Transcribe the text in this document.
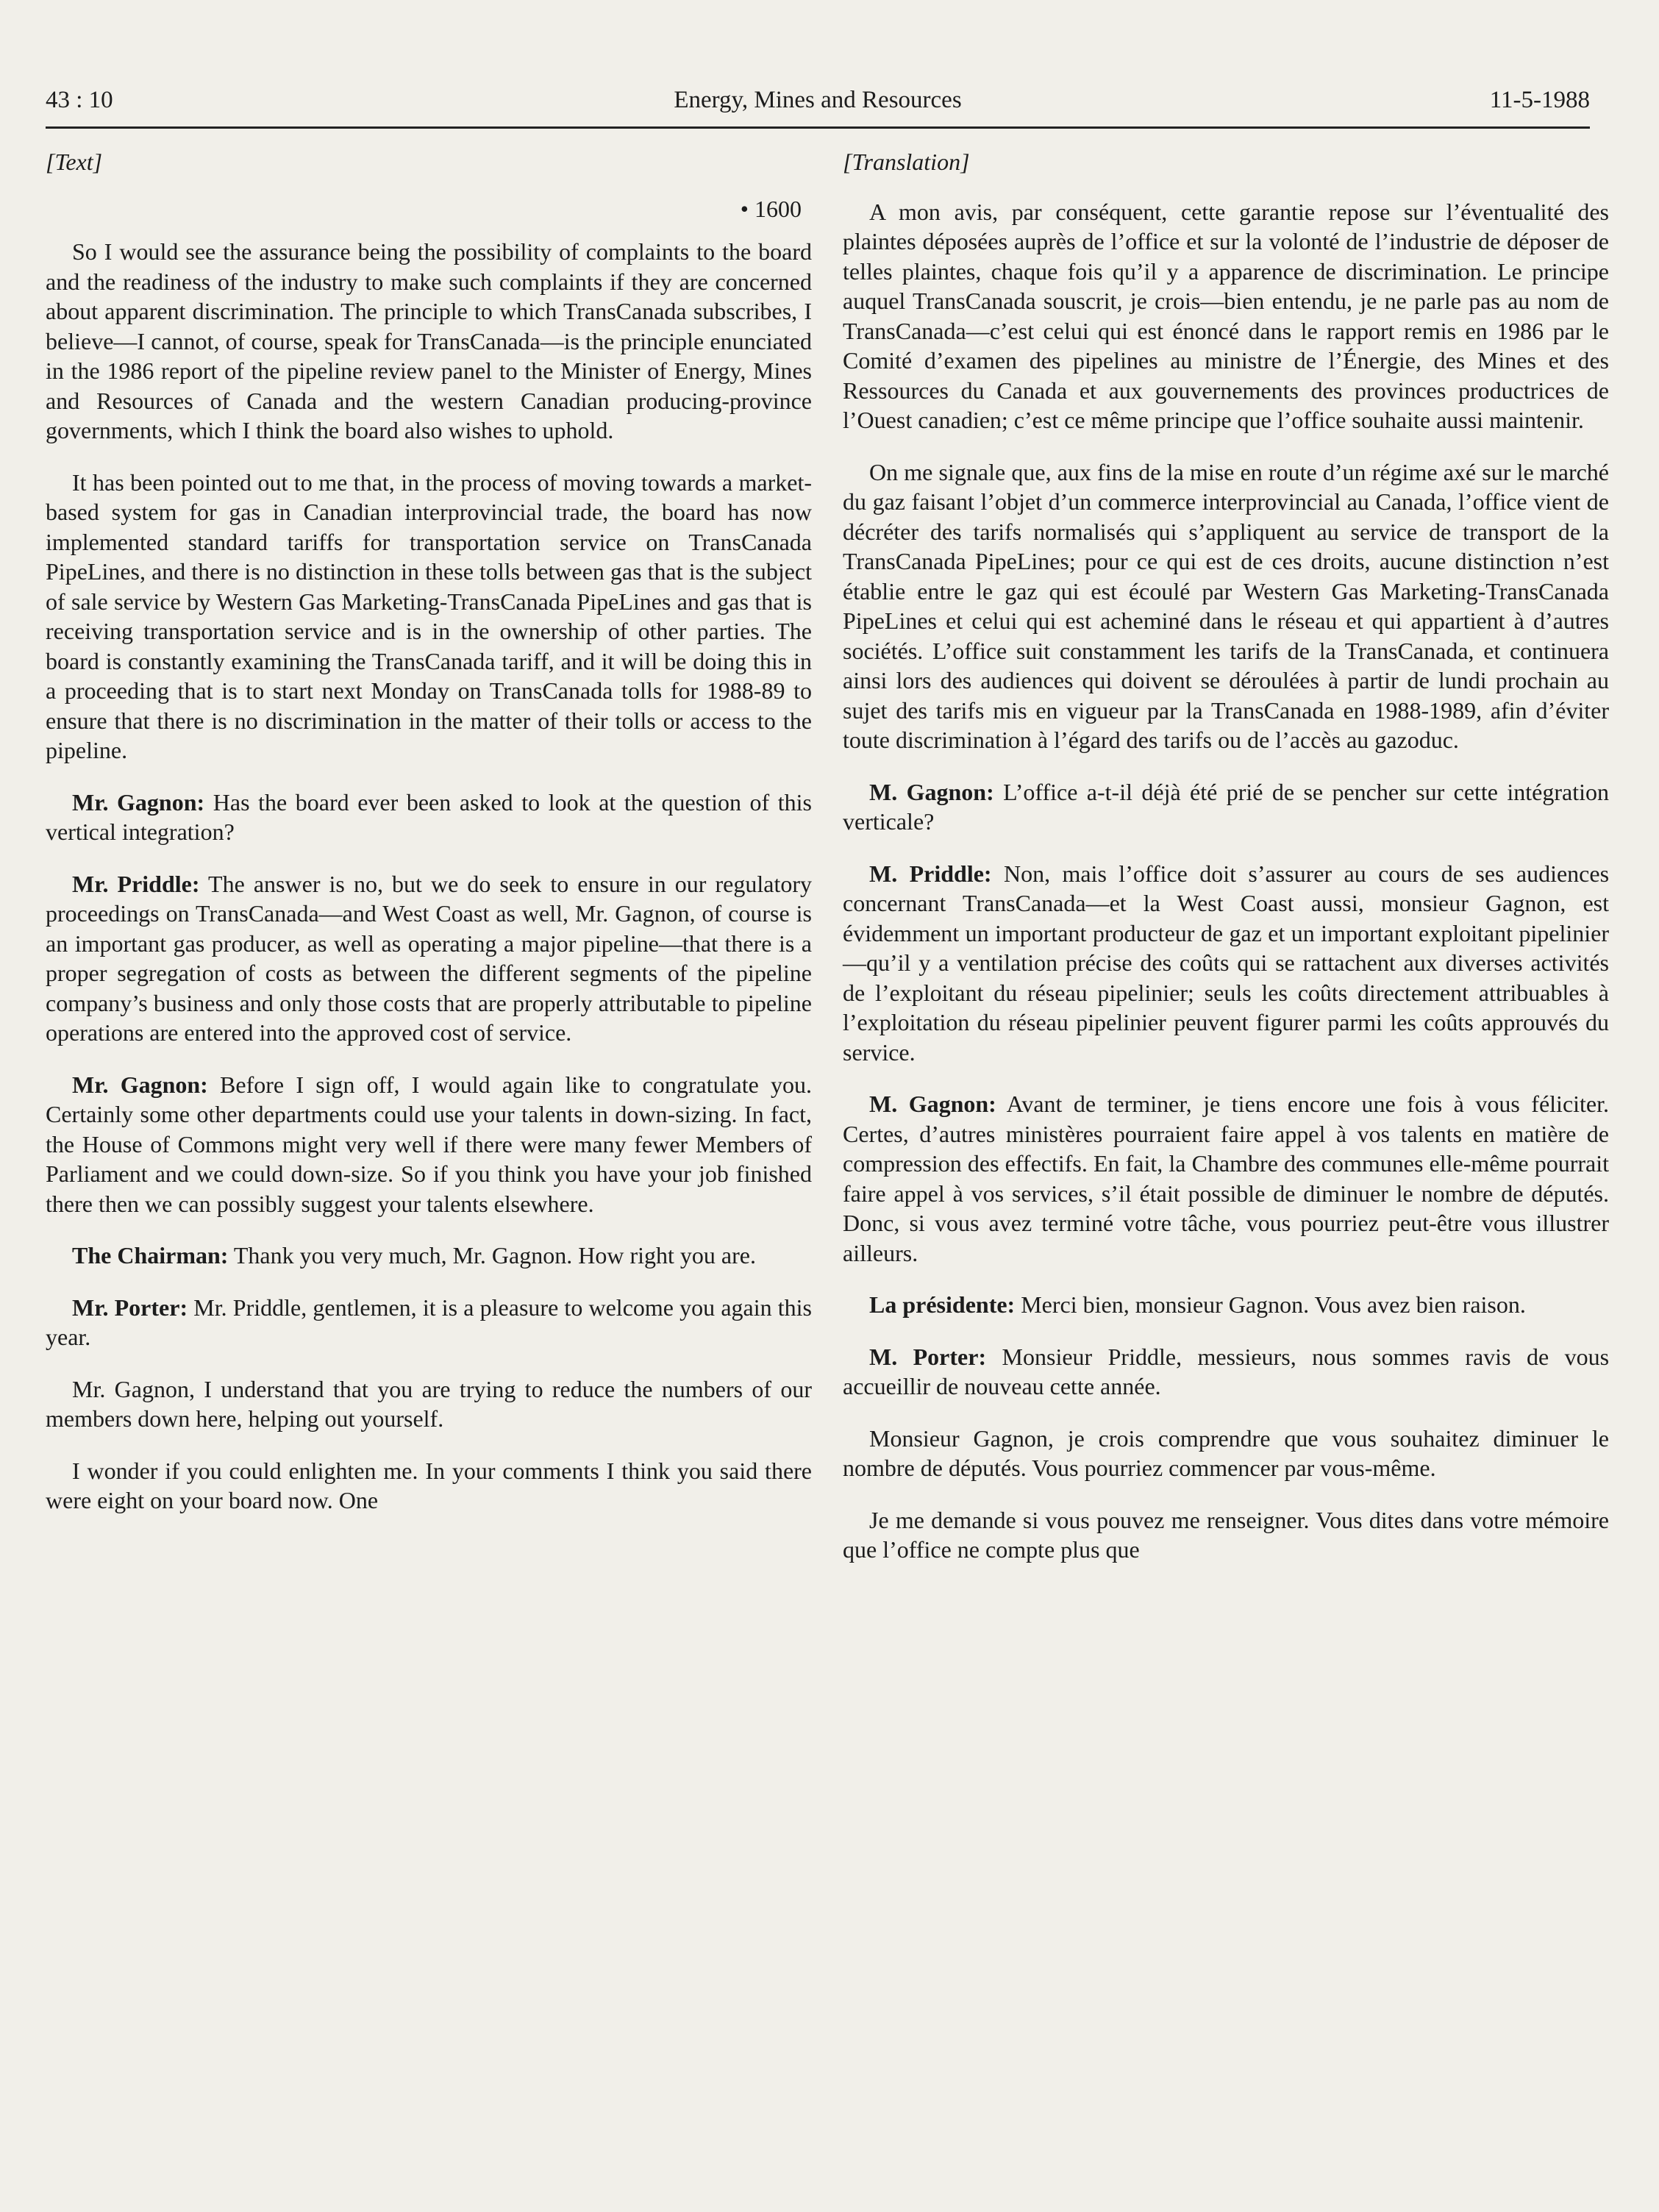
43 : 10	Energy, Mines and Resources	11-5-1988
[Text]
• 1600

So I would see the assurance being the possibility of complaints to the board and the readiness of the industry to make such complaints if they are concerned about apparent discrimination. The principle to which TransCanada subscribes, I believe—I cannot, of course, speak for TransCanada—is the principle enunciated in the 1986 report of the pipeline review panel to the Minister of Energy, Mines and Resources of Canada and the western Canadian producing-province governments, which I think the board also wishes to uphold.

It has been pointed out to me that, in the process of moving towards a market-based system for gas in Canadian interprovincial trade, the board has now implemented standard tariffs for transportation service on TransCanada PipeLines, and there is no distinction in these tolls between gas that is the subject of sale service by Western Gas Marketing-TransCanada PipeLines and gas that is receiving transportation service and is in the ownership of other parties. The board is constantly examining the TransCanada tariff, and it will be doing this in a proceeding that is to start next Monday on TransCanada tolls for 1988-89 to ensure that there is no discrimination in the matter of their tolls or access to the pipeline.

Mr. Gagnon: Has the board ever been asked to look at the question of this vertical integration?

Mr. Priddle: The answer is no, but we do seek to ensure in our regulatory proceedings on TransCanada—and West Coast as well, Mr. Gagnon, of course is an important gas producer, as well as operating a major pipeline—that there is a proper segregation of costs as between the different segments of the pipeline company’s business and only those costs that are properly attributable to pipeline operations are entered into the approved cost of service.

Mr. Gagnon: Before I sign off, I would again like to congratulate you. Certainly some other departments could use your talents in down-sizing. In fact, the House of Commons might very well if there were many fewer Members of Parliament and we could down-size. So if you think you have your job finished there then we can possibly suggest your talents elsewhere.

The Chairman: Thank you very much, Mr. Gagnon. How right you are.

Mr. Porter: Mr. Priddle, gentlemen, it is a pleasure to welcome you again this year.

Mr. Gagnon, I understand that you are trying to reduce the numbers of our members down here, helping out yourself.

I wonder if you could enlighten me. In your comments I think you said there were eight on your board now. One

[Translation]

A mon avis, par conséquent, cette garantie repose sur l’éventualité des plaintes déposées auprès de l’office et sur la volonté de l’industrie de déposer de telles plaintes, chaque fois qu’il y a apparence de discrimination. Le principe auquel TransCanada souscrit, je crois—bien entendu, je ne parle pas au nom de TransCanada—c’est celui qui est énoncé dans le rapport remis en 1986 par le Comité d’examen des pipelines au ministre de l’Énergie, des Mines et des Ressources du Canada et aux gouvernements des provinces productrices de l’Ouest canadien; c’est ce même principe que l’office souhaite aussi maintenir.

On me signale que, aux fins de la mise en route d’un régime axé sur le marché du gaz faisant l’objet d’un commerce interprovincial au Canada, l’office vient de décréter des tarifs normalisés qui s’appliquent au service de transport de la TransCanada PipeLines; pour ce qui est de ces droits, aucune distinction n’est établie entre le gaz qui est écoulé par Western Gas Marketing-TransCanada PipeLines et celui qui est acheminé dans le réseau et qui appartient à d’autres sociétés. L’office suit constamment les tarifs de la TransCanada, et continuera ainsi lors des audiences qui doivent se déroulées à partir de lundi prochain au sujet des tarifs mis en vigueur par la TransCanada en 1988-1989, afin d’éviter toute discrimination à l’égard des tarifs ou de l’accès au gazoduc.

M. Gagnon: L’office a-t-il déjà été prié de se pencher sur cette intégration verticale?

M. Priddle: Non, mais l’office doit s’assurer au cours de ses audiences concernant TransCanada—et la West Coast aussi, monsieur Gagnon, est évidemment un important producteur de gaz et un important exploitant pipelinier—qu’il y a ventilation précise des coûts qui se rattachent aux diverses activités de l’exploitant du réseau pipelinier; seuls les coûts directement attribuables à l’exploitation du réseau pipelinier peuvent figurer parmi les coûts approuvés du service.

M. Gagnon: Avant de terminer, je tiens encore une fois à vous féliciter. Certes, d’autres ministères pourraient faire appel à vos talents en matière de compression des effectifs. En fait, la Chambre des communes elle-même pourrait faire appel à vos services, s’il était possible de diminuer le nombre de députés. Donc, si vous avez terminé votre tâche, vous pourriez peut-être vous illustrer ailleurs.

La présidente: Merci bien, monsieur Gagnon. Vous avez bien raison.

M. Porter: Monsieur Priddle, messieurs, nous sommes ravis de vous accueillir de nouveau cette année.

Monsieur Gagnon, je crois comprendre que vous souhaitez diminuer le nombre de députés. Vous pourriez commencer par vous-même.

Je me demande si vous pouvez me renseigner. Vous dites dans votre mémoire que l’office ne compte plus que
